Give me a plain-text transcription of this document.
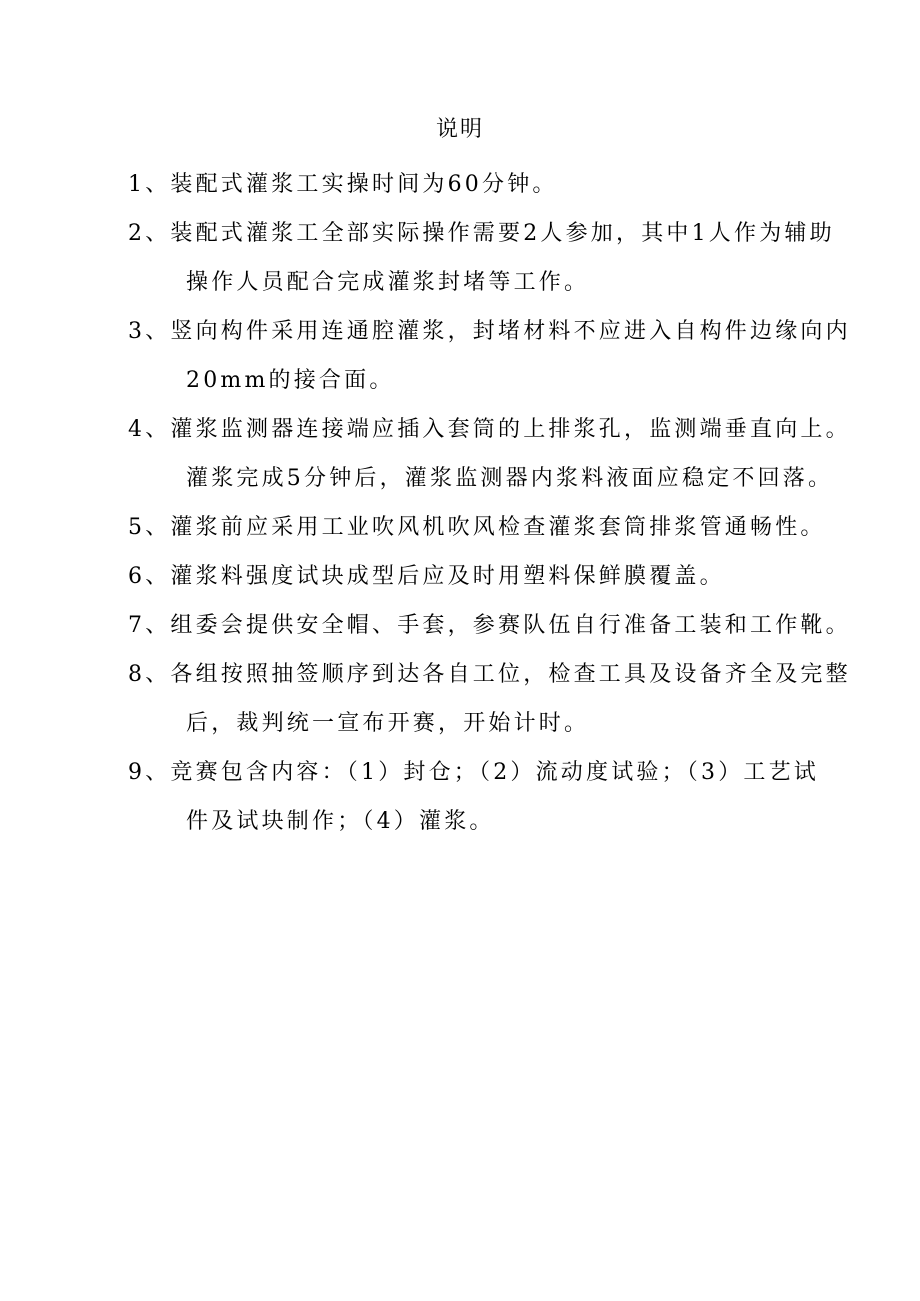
说明
1、装配式灌浆工实操时间为60分钟。
2、装配式灌浆工全部实际操作需要2人参加，其中1人作为辅助
操作人员配合完成灌浆封堵等工作。
3、竖向构件采用连通腔灌浆，封堵材料不应进入自构件边缘向内
20mm的接合面。
4、灌浆监测器连接端应插入套筒的上排浆孔，监测端垂直向上。
灌浆完成5分钟后，灌浆监测器内浆料液面应稳定不回落。
5、灌浆前应采用工业吹风机吹风检查灌浆套筒排浆管通畅性。
6、灌浆料强度试块成型后应及时用塑料保鲜膜覆盖。
7、组委会提供安全帽、手套，参赛队伍自行准备工装和工作靴。
8、各组按照抽签顺序到达各自工位，检查工具及设备齐全及完整
后，裁判统一宣布开赛，开始计时。
9、竞赛包含内容：（1）封仓；（2）流动度试验；（3）工艺试
件及试块制作；（4）灌浆。
